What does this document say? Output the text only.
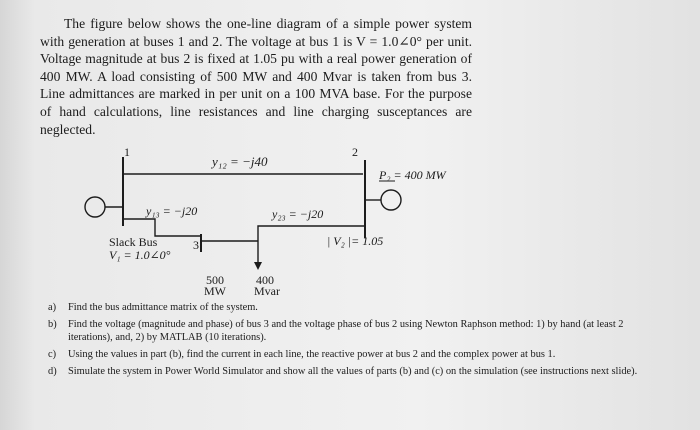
The figure below shows the one-line diagram of a simple power system with generation at buses 1 and 2. The voltage at bus 1 is V = 1.0∠0° per unit. Voltage magnitude at bus 2 is fixed at 1.05 pu with a real power generation of 400 MW. A load consisting of 500 MW and 400 Mvar is taken from bus 3. Line admittances are marked in per unit on a 100 MVA base. For the purpose of hand calculations, line resistances and line charging susceptances are neglected.

1	2
3
y₁₂ = −j40
y₁₃ = −j20	y₂₃ = −j20
Slack Bus
V₁ = 1.0∠0°
P₂ = 400 MW
| V₂ |= 1.05
500
MW
400
Mvar
a) Find the bus admittance matrix of the system.
b) Find the voltage (magnitude and phase) of bus 3 and the voltage phase of bus 2 using Newton Raphson method: 1) by hand (at least 2 iterations), and, 2) by MATLAB (10 iterations).
c) Using the values in part (b), find the current in each line, the reactive power at bus 2 and the complex power at bus 1.
d) Simulate the system in Power World Simulator and show all the values of parts (b) and (c) on the simulation (see instructions next slide).
